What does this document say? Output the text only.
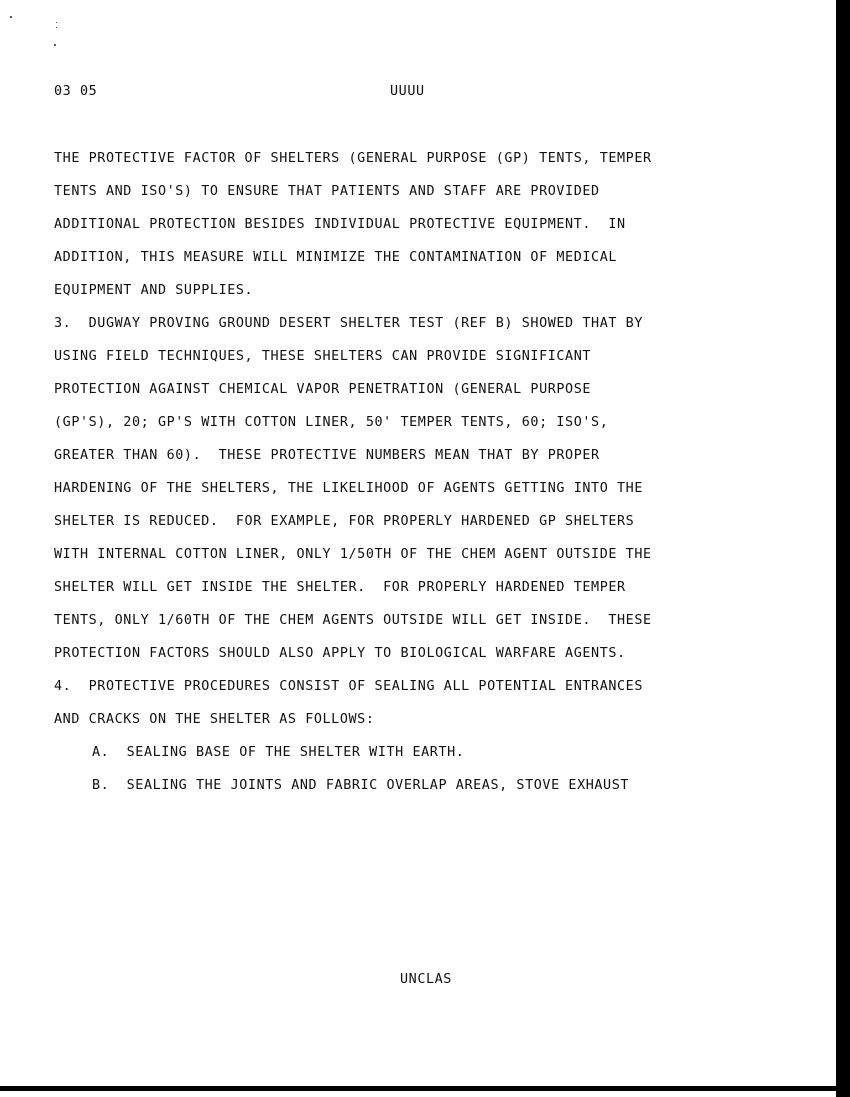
03 05	UUUU
THE PROTECTIVE FACTOR OF SHELTERS (GENERAL PURPOSE (GP) TENTS, TEMPER
TENTS AND ISO'S) TO ENSURE THAT PATIENTS AND STAFF ARE PROVIDED
ADDITIONAL PROTECTION BESIDES INDIVIDUAL PROTECTIVE EQUIPMENT.  IN
ADDITION, THIS MEASURE WILL MINIMIZE THE CONTAMINATION OF MEDICAL
EQUIPMENT AND SUPPLIES.
3.  DUGWAY PROVING GROUND DESERT SHELTER TEST (REF B) SHOWED THAT BY
USING FIELD TECHNIQUES, THESE SHELTERS CAN PROVIDE SIGNIFICANT
PROTECTION AGAINST CHEMICAL VAPOR PENETRATION (GENERAL PURPOSE
(GP'S), 20; GP'S WITH COTTON LINER, 50' TEMPER TENTS, 60; ISO'S,
GREATER THAN 60).  THESE PROTECTIVE NUMBERS MEAN THAT BY PROPER
HARDENING OF THE SHELTERS, THE LIKELIHOOD OF AGENTS GETTING INTO THE
SHELTER IS REDUCED.  FOR EXAMPLE, FOR PROPERLY HARDENED GP SHELTERS
WITH INTERNAL COTTON LINER, ONLY 1/50TH OF THE CHEM AGENT OUTSIDE THE
SHELTER WILL GET INSIDE THE SHELTER.  FOR PROPERLY HARDENED TEMPER
TENTS, ONLY 1/60TH OF THE CHEM AGENTS OUTSIDE WILL GET INSIDE.  THESE
PROTECTION FACTORS SHOULD ALSO APPLY TO BIOLOGICAL WARFARE AGENTS.
4.  PROTECTIVE PROCEDURES CONSIST OF SEALING ALL POTENTIAL ENTRANCES
AND CRACKS ON THE SHELTER AS FOLLOWS:
A.  SEALING BASE OF THE SHELTER WITH EARTH.
B.  SEALING THE JOINTS AND FABRIC OVERLAP AREAS, STOVE EXHAUST
UNCLAS
